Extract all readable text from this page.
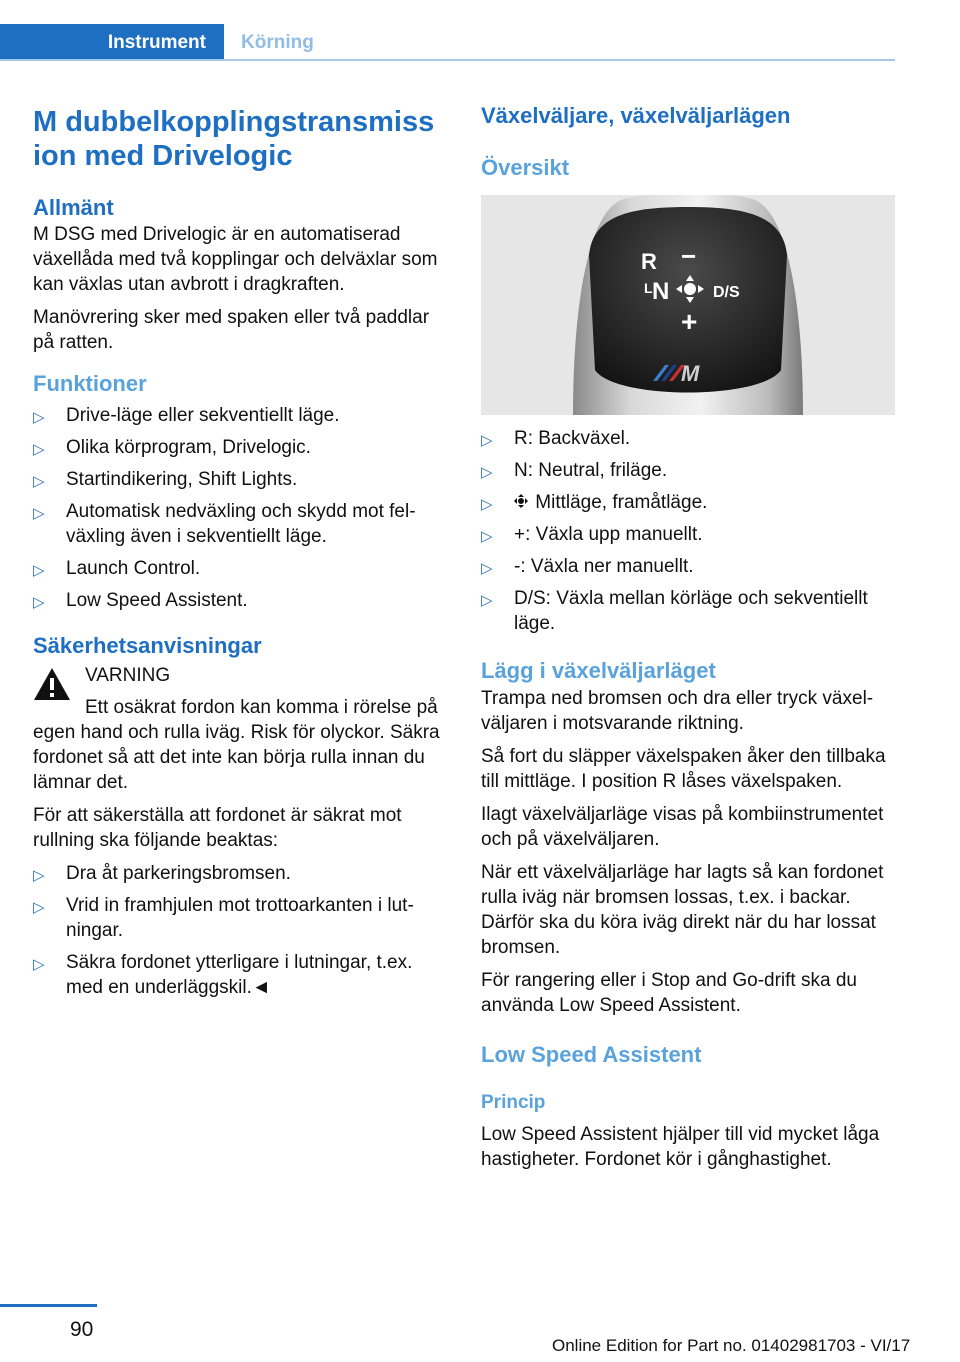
Instrument Körning
M dubbelkopplingstransmiss ion med Drivelogic
Allmänt

M DSG med Drivelogic är en automatiserad växellåda med två kopplingar och delväxlar som kan växlas utan avbrott i dragkraften.

Manövrering sker med spaken eller två paddlar på ratten.

Funktioner
▷ Drive-läge eller sekventiellt läge.
▷ Olika körprogram, Drivelogic.
▷ Startindikering, Shift Lights.
▷ Automatisk nedväxling och skydd mot felväxling även i sekventiellt läge.
▷ Launch Control.
▷ Low Speed Assistent.
Säkerhetsanvisningar

VARNING

Ett osäkrat fordon kan komma i rörelse på egen hand och rulla iväg. Risk för olyckor. Säkra fordonet så att det inte kan börja rulla innan du lämnar det.

För att säkerställa att fordonet är säkrat mot rullning ska följande beaktas:

▷ Dra åt parkeringsbromsen.
▷ Vrid in framhjulen mot trottoarkanten i lutningar.
▷ Säkra fordonet ytterligare i lutningar, t.ex. med en underläggskil.◄
Växelväljare, växelväljarlägen
Översikt
R −
L N	D/S
+
M
▷ R: Backväxel.
▷ N: Neutral, friläge.
▷ Mittläge, framåtläge.
▷ +: Växla upp manuellt.
▷ -: Växla ner manuellt.
▷ D/S: Växla mellan körläge och sekventiellt läge.
Lägg i växelväljarläget

Trampa ned bromsen och dra eller tryck växelväljaren i motsvarande riktning.

Så fort du släpper växelspaken åker den tillbaka till mittläge. I position R låses växelspaken.

Ilagt växelväljarläge visas på kombiinstrumentet och på växelväljaren.

När ett växelväljarläge har lagts så kan fordonet rulla iväg när bromsen lossas, t.ex. i backar. Därför ska du köra iväg direkt när du har lossat bromsen.

För rangering eller i Stop and Go-drift ska du använda Low Speed Assistent.

Low Speed Assistent
Princip

Low Speed Assistent hjälper till vid mycket låga hastigheter. Fordonet kör i gånghastighet.

90
Online Edition for Part no. 01402981703 - VI/17
